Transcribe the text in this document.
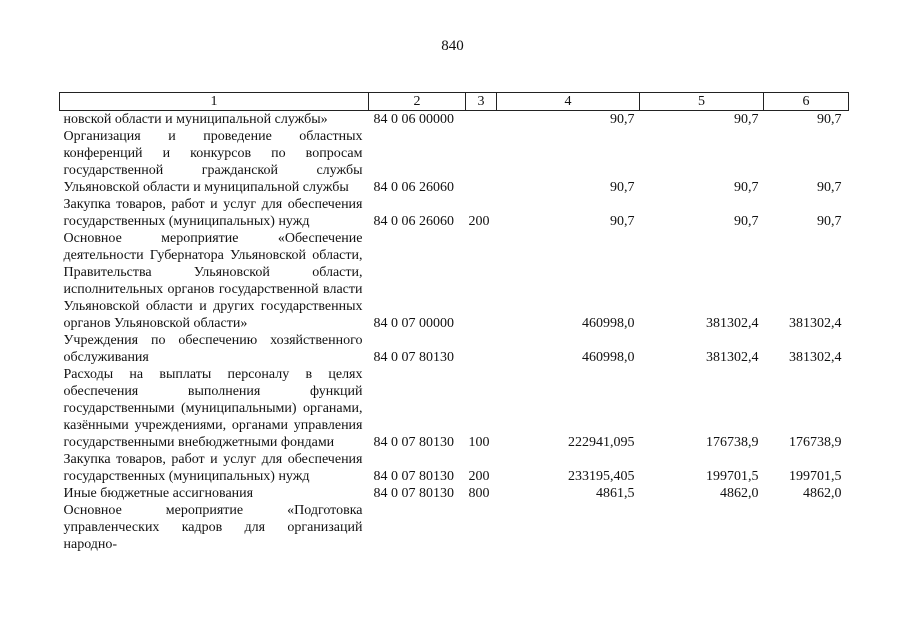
840
1	2	3	4	5	6
новской области и муниципальной службы»	84 0 06 00000		90,7	90,7	90,7
Организация и проведение областных конференций и конкурсов по вопросам государственной гражданской службы Ульяновской области и муниципальной службы	84 0 06 26060		90,7	90,7	90,7
Закупка товаров, работ и услуг для обеспечения государственных (муниципальных) нужд	84 0 06 26060	200	90,7	90,7	90,7
Основное мероприятие «Обеспечение деятельности Губернатора Ульяновской области, Правительства Ульяновской области, исполнительных органов государственной власти Ульяновской области и других государственных органов Ульяновской области»	84 0 07 00000		460998,0	381302,4	381302,4
Учреждения по обеспечению хозяйственного обслуживания	84 0 07 80130		460998,0	381302,4	381302,4
Расходы на выплаты персоналу в целях обеспечения выполнения функций государственными (муниципальными) органами, казёнными учреждениями, органами управления государственными внебюджетными фондами	84 0 07 80130	100	222941,095	176738,9	176738,9
Закупка товаров, работ и услуг для обеспечения государственных (муниципальных) нужд	84 0 07 80130	200	233195,405	199701,5	199701,5
Иные бюджетные ассигнования	84 0 07 80130	800	4861,5	4862,0	4862,0
Основное мероприятие «Подготовка управленческих кадров для организаций народно-					
